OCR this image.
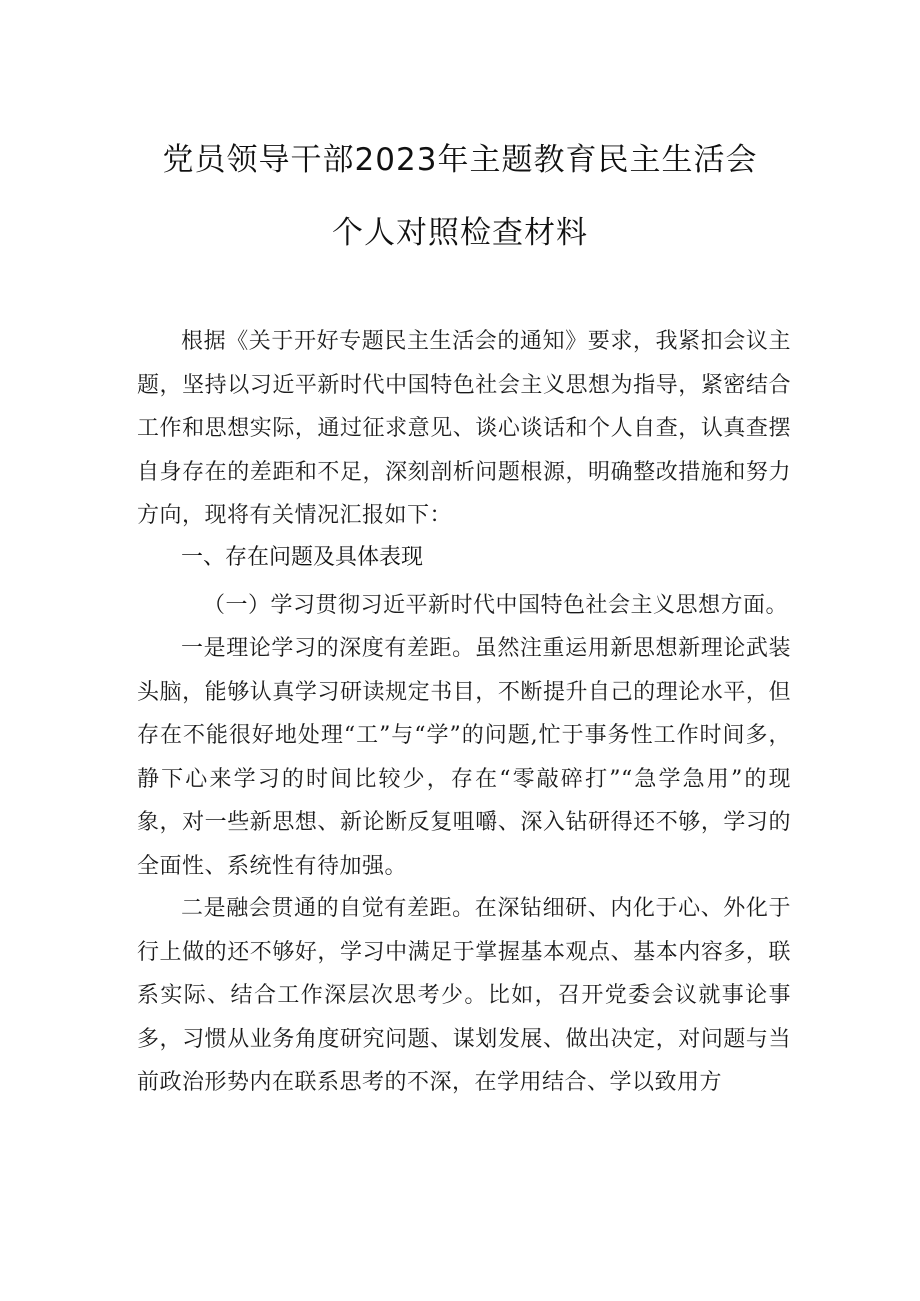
党员领导干部2023年主题教育民主生活会
个人对照检查材料

根据《关于开好专题民主生活会的通知》要求，我紧扣会议主题，坚持以习近平新时代中国特色社会主义思想为指导，紧密结合工作和思想实际，通过征求意见、谈心谈话和个人自查，认真查摆自身存在的差距和不足，深刻剖析问题根源，明确整改措施和努力方向，现将有关情况汇报如下：

一、存在问题及具体表现

（一）学习贯彻习近平新时代中国特色社会主义思想方面。

一是理论学习的深度有差距。虽然注重运用新思想新理论武装头脑，能够认真学习研读规定书目，不断提升自己的理论水平，但存在不能很好地处理“工”与“学”的问题,忙于事务性工作时间多，静下心来学习的时间比较少，存在“零敲碎打”“急学急用”的现象，对一些新思想、新论断反复咀嚼、深入钻研得还不够，学习的全面性、系统性有待加强。

二是融会贯通的自觉有差距。在深钻细研、内化于心、外化于行上做的还不够好，学习中满足于掌握基本观点、基本内容多，联系实际、结合工作深层次思考少。比如，召开党委会议就事论事多，习惯从业务角度研究问题、谋划发展、做出决定，对问题与当前政治形势内在联系思考的不深，在学用结合、学以致用方
